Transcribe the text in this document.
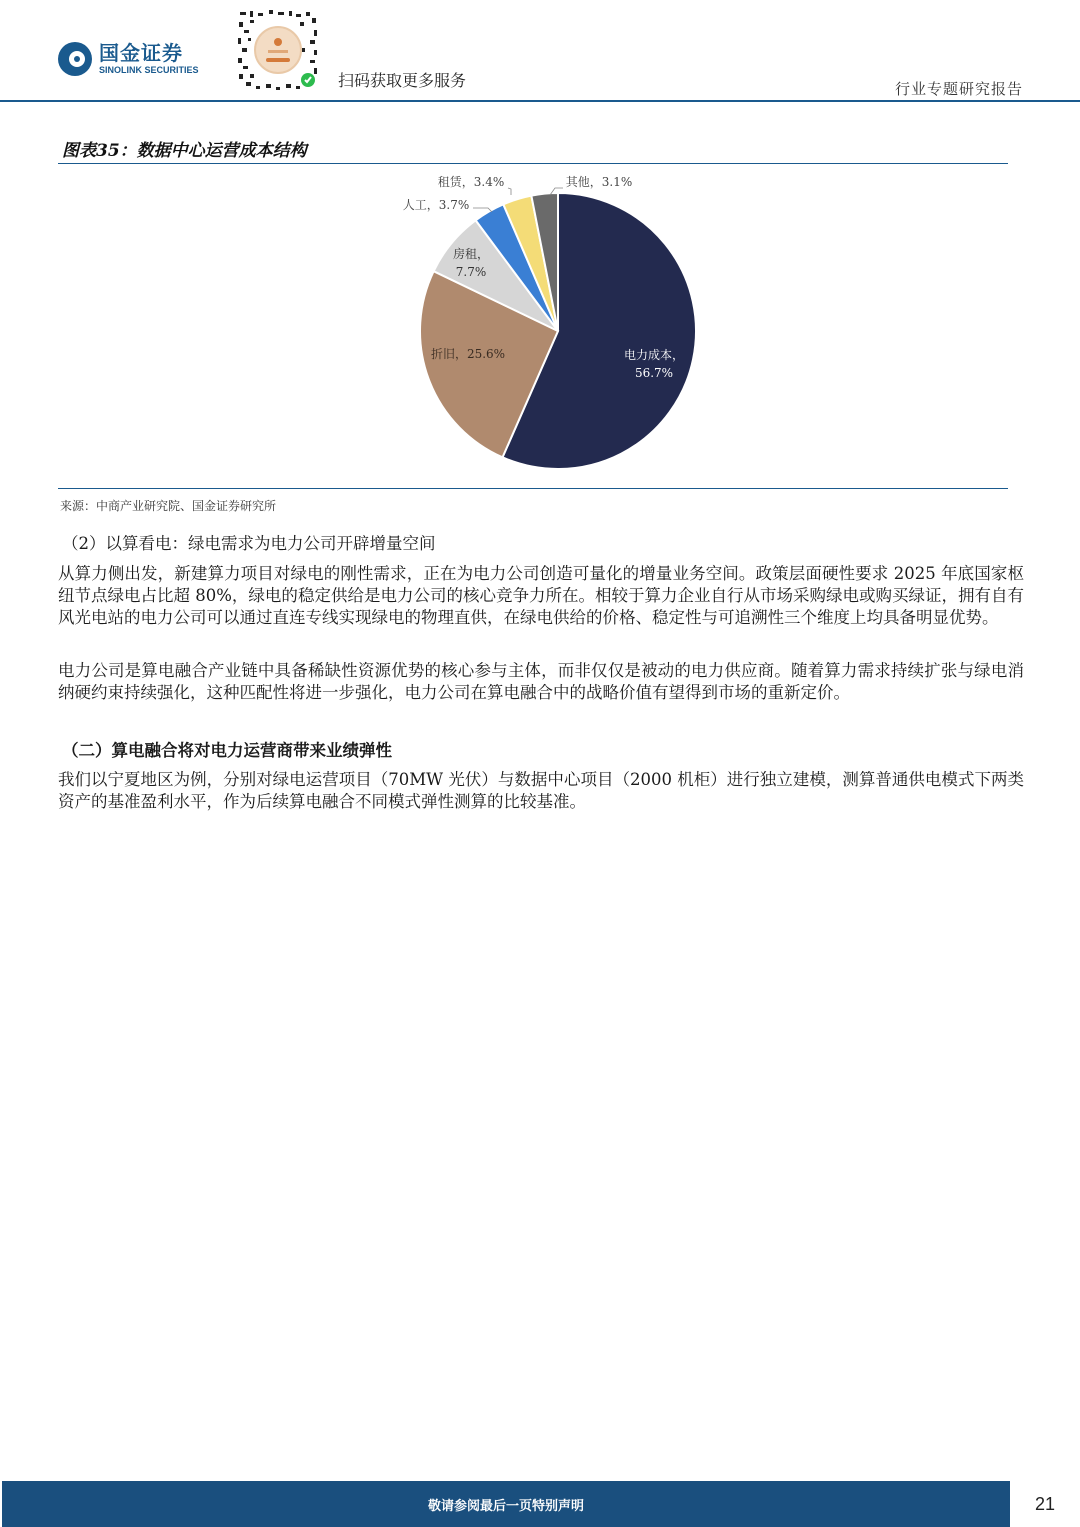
国金证券
SINOLINK SECURITIES
扫码获取更多服务	行业专题研究报告
图表35：数据中心运营成本结构
电力成本，
56.7%
折旧，25.6%
房租，
7.7%
人工，3.7%
租赁，3.4%	其他，3.1%
来源：中商产业研究院、国金证券研究所
（2）以算看电：绿电需求为电力公司开辟增量空间
从算力侧出发，新建算力项目对绿电的刚性需求，正在为电力公司创造可量化的增量业务空间。政策层面硬性要求 2025 年底国家枢纽节点绿电占比超 80%，绿电的稳定供给是电力公司的核心竞争力所在。相较于算力企业自行从市场采购绿电或购买绿证，拥有自有风光电站的电力公司可以通过直连专线实现绿电的物理直供，在绿电供给的价格、稳定性与可追溯性三个维度上均具备明显优势。
电力公司是算电融合产业链中具备稀缺性资源优势的核心参与主体，而非仅仅是被动的电力供应商。随着算力需求持续扩张与绿电消纳硬约束持续强化，这种匹配性将进一步强化，电力公司在算电融合中的战略价值有望得到市场的重新定价。
（二）算电融合将对电力运营商带来业绩弹性
我们以宁夏地区为例，分别对绿电运营项目（70MW 光伏）与数据中心项目（2000 机柜）进行独立建模，测算普通供电模式下两类资产的基准盈利水平，作为后续算电融合不同模式弹性测算的比较基准。
敬请参阅最后一页特别声明	21
